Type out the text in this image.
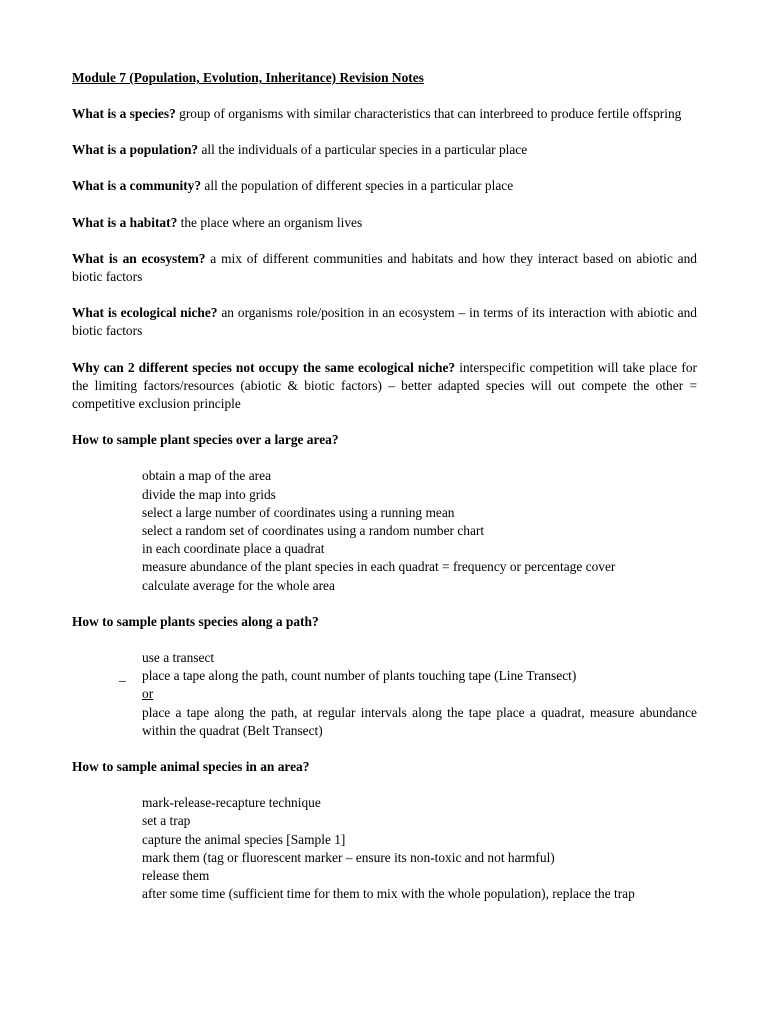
Module 7 (Population, Evolution, Inheritance) Revision Notes

What is a species? group of organisms with similar characteristics that can interbreed to produce fertile offspring

What is a population? all the individuals of a particular species in a particular place

What is a community? all the population of different species in a particular place

What is a habitat? the place where an organism lives

What is an ecosystem? a mix of different communities and habitats and how they interact based on abiotic and biotic factors

What is ecological niche? an organisms role/position in an ecosystem – in terms of its interaction with abiotic and biotic factors

Why can 2 different species not occupy the same ecological niche? interspecific competition will take place for the limiting factors/resources (abiotic & biotic factors) – better adapted species will out compete the other = competitive exclusion principle

How to sample plant species over a large area?
obtain a map of the area
divide the map into grids
select a large number of coordinates using a running mean
select a random set of coordinates using a random number chart
in each coordinate place a quadrat
measure abundance of the plant species in each quadrat = frequency or percentage cover
calculate average for the whole area
How to sample plants species along a path?
use a transect
_ place a tape along the path, count number of plants touching tape (Line Transect)
or
place a tape along the path, at regular intervals along the tape place a quadrat, measure abundance within the quadrat (Belt Transect)
How to sample animal species in an area?
mark-release-recapture technique
set a trap
capture the animal species [Sample 1]
mark them (tag or fluorescent marker – ensure its non-toxic and not harmful)
release them
after some time (sufficient time for them to mix with the whole population), replace the trap
